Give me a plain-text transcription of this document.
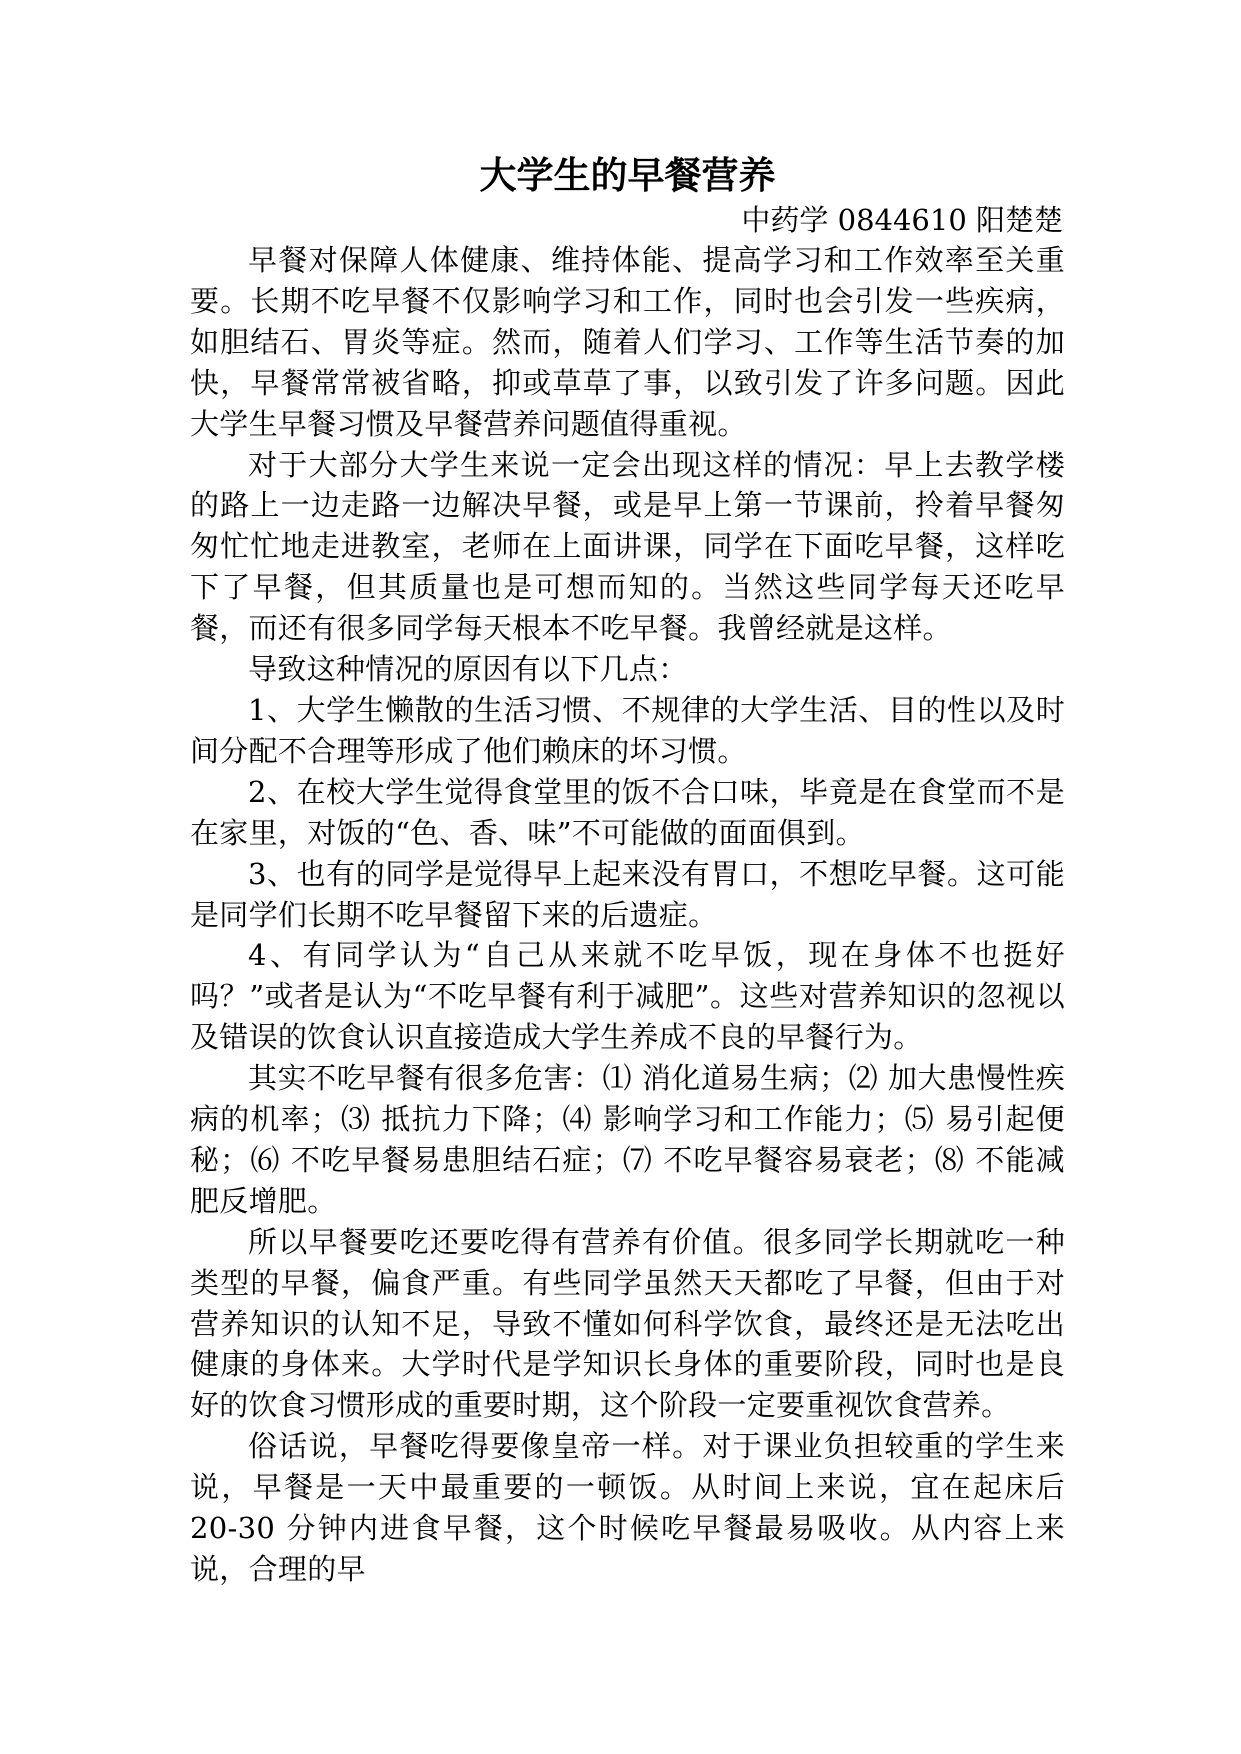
大学生的早餐营养

中药学 0844610 阳楚楚

早餐对保障人体健康、维持体能、提高学习和工作效率至关重要。长期不吃早餐不仅影响学习和工作，同时也会引发一些疾病，如胆结石、胃炎等症。然而，随着人们学习、工作等生活节奏的加快，早餐常常被省略，抑或草草了事，以致引发了许多问题。因此大学生早餐习惯及早餐营养问题值得重视。

对于大部分大学生来说一定会出现这样的情况：早上去教学楼的路上一边走路一边解决早餐，或是早上第一节课前，拎着早餐匆匆忙忙地走进教室，老师在上面讲课，同学在下面吃早餐，这样吃下了早餐，但其质量也是可想而知的。当然这些同学每天还吃早餐，而还有很多同学每天根本不吃早餐。我曾经就是这样。

导致这种情况的原因有以下几点：

1、大学生懒散的生活习惯、不规律的大学生活、目的性以及时间分配不合理等形成了他们赖床的坏习惯。

2、在校大学生觉得食堂里的饭不合口味，毕竟是在食堂而不是在家里，对饭的“色、香、味”不可能做的面面俱到。

3、也有的同学是觉得早上起来没有胃口，不想吃早餐。这可能是同学们长期不吃早餐留下来的后遗症。

4、有同学认为“自己从来就不吃早饭，现在身体不也挺好吗？”或者是认为“不吃早餐有利于减肥”。这些对营养知识的忽视以及错误的饮食认识直接造成大学生养成不良的早餐行为。

其实不吃早餐有很多危害：⑴ 消化道易生病；⑵ 加大患慢性疾病的机率；⑶ 抵抗力下降；⑷ 影响学习和工作能力；⑸ 易引起便秘；⑹ 不吃早餐易患胆结石症；⑺ 不吃早餐容易衰老；⑻ 不能减肥反增肥。

所以早餐要吃还要吃得有营养有价值。很多同学长期就吃一种类型的早餐，偏食严重。有些同学虽然天天都吃了早餐，但由于对营养知识的认知不足，导致不懂如何科学饮食，最终还是无法吃出健康的身体来。大学时代是学知识长身体的重要阶段，同时也是良好的饮食习惯形成的重要时期，这个阶段一定要重视饮食营养。

俗话说，早餐吃得要像皇帝一样。对于课业负担较重的学生来说，早餐是一天中最重要的一顿饭。从时间上来说，宜在起床后 20-30 分钟内进食早餐，这个时候吃早餐最易吸收。从内容上来说，合理的早
